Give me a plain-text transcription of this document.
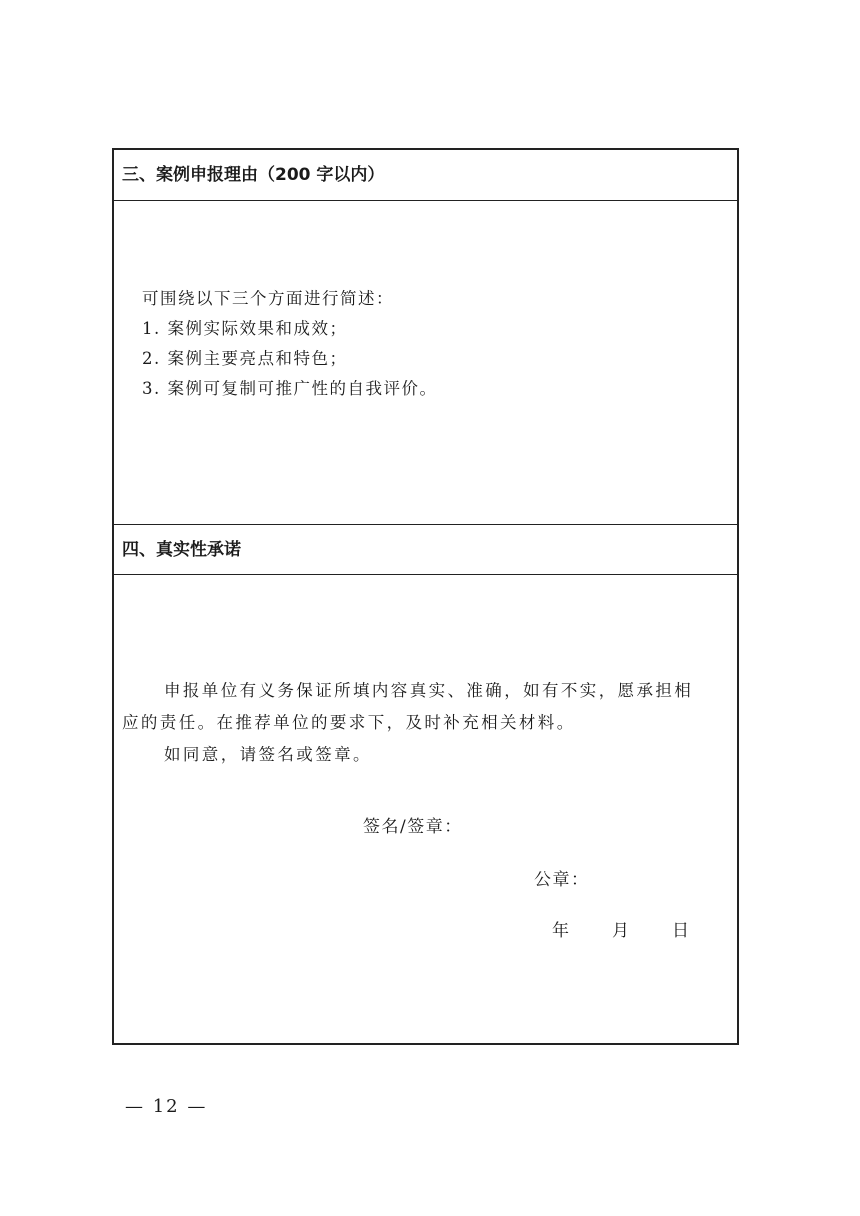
三、案例申报理由（200 字以内）
可围绕以下三个方面进行简述：
1. 案例实际效果和成效；
2. 案例主要亮点和特色；
3. 案例可复制可推广性的自我评价。
四、真实性承诺
申报单位有义务保证所填内容真实、准确，如有不实，愿承担相
应的责任。在推荐单位的要求下，及时补充相关材料。
如同意，请签名或签章。
签名/签章：
公章：
年	月	日
— 12 —
